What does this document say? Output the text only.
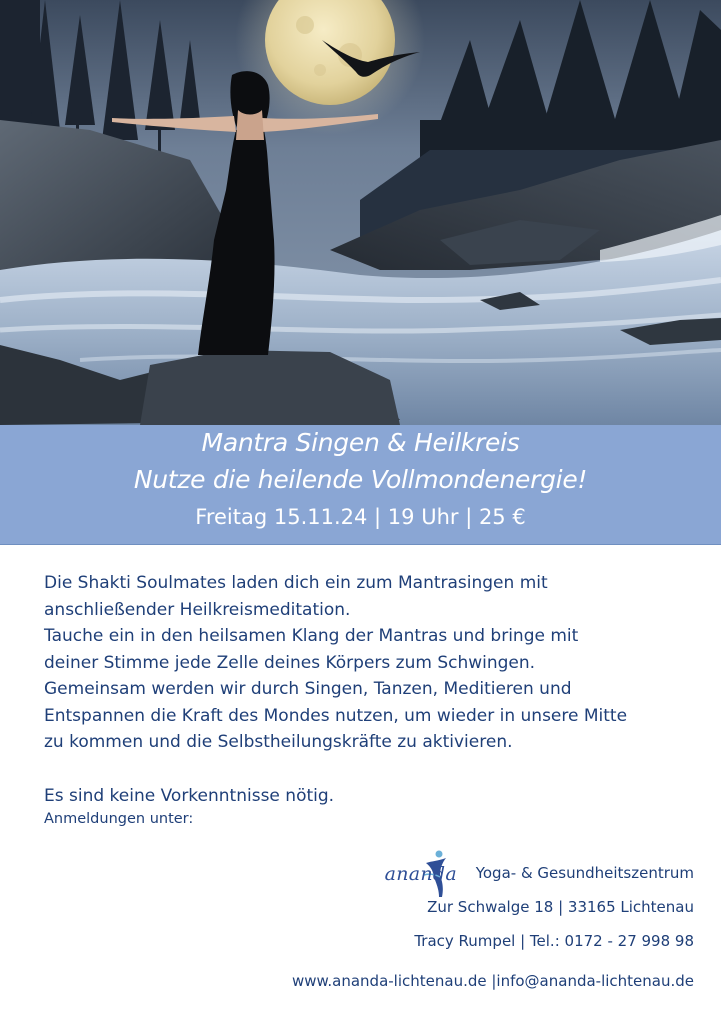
Mantra Singen & Heilkreis
Nutze die heilende Vollmondenergie!
Freitag 15.11.24 | 19 Uhr | 25 €

Die Shakti Soulmates laden dich ein zum Mantrasingen mit

anschließender Heilkreismeditation.

Tauche ein in den heilsamen Klang der Mantras und bringe mit

deiner Stimme jede Zelle deines Körpers zum Schwingen.

Gemeinsam werden wir durch Singen, Tanzen, Meditieren und

Entspannen die Kraft des Mondes nutzen, um wieder in unsere Mitte

zu kommen und die Selbstheilungskräfte zu aktivieren.

Es sind keine Vorkenntnisse nötig.

Anmeldungen unter:

ananda Yoga- & Gesundheitszentrum
Zur Schwalge 18 | 33165 Lichtenau
Tracy Rumpel | Tel.: 0172 - 27 998 98
www.ananda-lichtenau.de |info@ananda-lichtenau.de
